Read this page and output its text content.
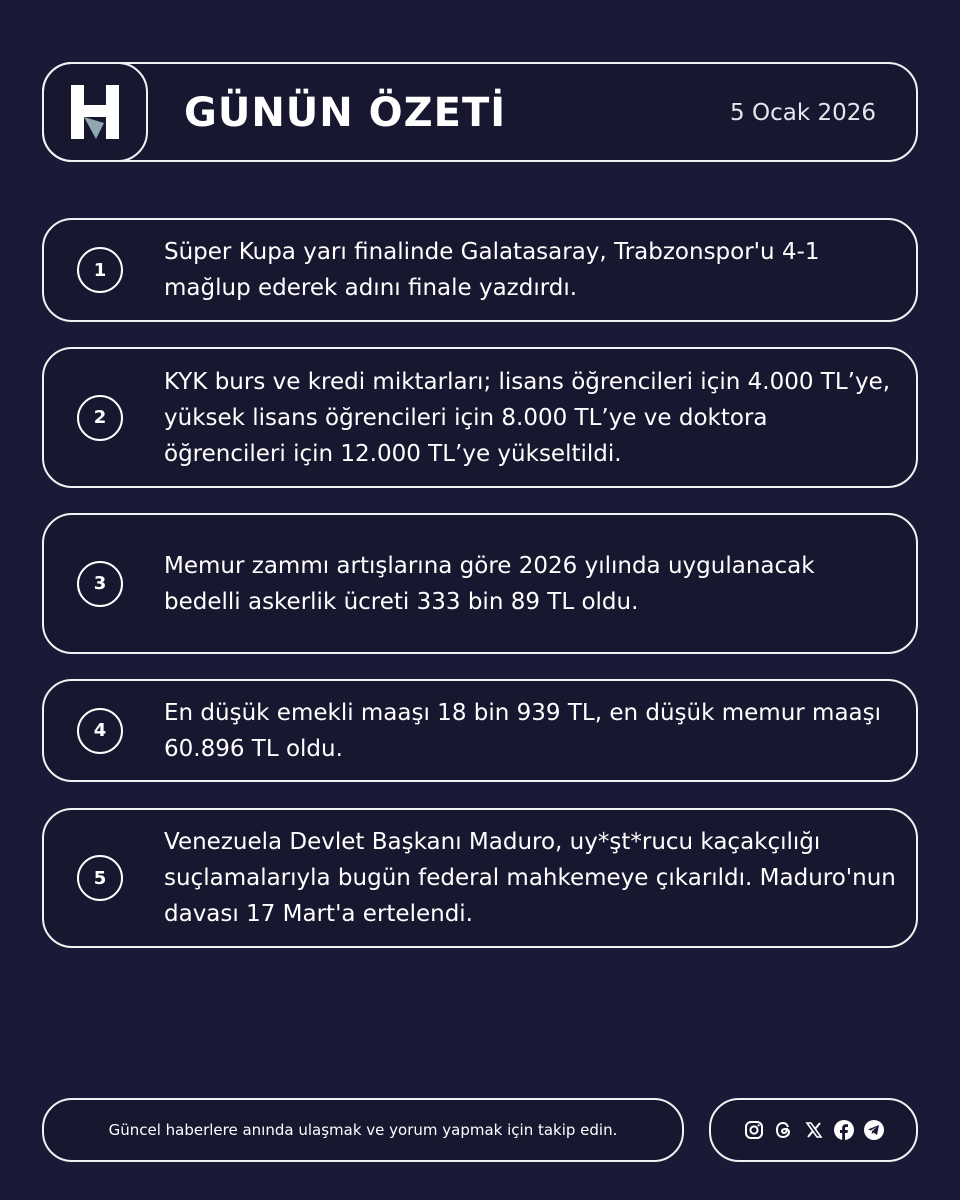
GÜNÜN ÖZETİ	5 Ocak 2026
1
Süper Kupa yarı finalinde Galatasaray, Trabzonspor'u 4-1 mağlup ederek adını finale yazdırdı.
2
KYK burs ve kredi miktarları; lisans öğrencileri için 4.000 TL’ye, yüksek lisans öğrencileri için 8.000 TL’ye ve doktora öğrencileri için 12.000 TL’ye yükseltildi.
3
Memur zammı artışlarına göre 2026 yılında uygulanacak bedelli askerlik ücreti 333 bin 89 TL oldu.
4
En düşük emekli maaşı 18 bin 939 TL, en düşük memur maaşı 60.896 TL oldu.
5
Venezuela Devlet Başkanı Maduro, uy*şt*rucu kaçakçılığı suçlamalarıyla bugün federal mahkemeye çıkarıldı. Maduro'nun davası 17 Mart'a ertelendi.
Güncel haberlere anında ulaşmak ve yorum yapmak için takip edin.
